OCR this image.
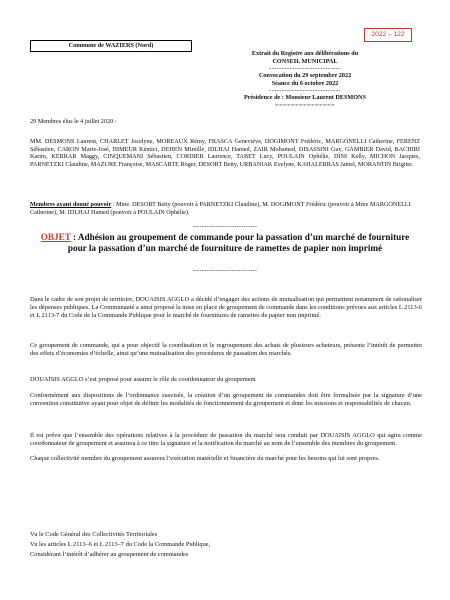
2022 – 122
Commune de WAZIERS (Nord)
Extrait du Registre aux délibérations du
CONSEIL MUNICIPAL
----------------------------
Convocation du 29 septembre 2022
Séance du 6 octobre 2022
----------------------------
Présidence de : Monsieur Laurent DESMONS
===============
29 Membres élus le 4 juillet 2020 :
MM. DESMONS Laurent, CHARLET Jocelyne, MOREAUX Rémy, FRASCA Geneviève, DOGIMONT Frédéric, MARGONELLI Catherine, FERENZ Sébastien, CARON Marie-José, HIMEUR Kémici, DEHEN Mireille, IDLHAJ Hamed, ZAIR Mohamed, DISASSINI Guy, GAMBIER David, BACHIRI Karim, KERRAR Maggy, CINQUEMANI Sébastien, CORDIER Laurence, TABET Lucy, POULAIN Ophélie, DINI Kelly, MICHON Jacques, PARNETZKI Claudine, MAZURE Françoise, MASCARTE Roger, DESORT Betty, URBANIAK Evelyne, KAHALERRAS Jamel, MORANTIN Brigitte.
Membres ayant donné pouvoir : Mme. DESORT Betty (pouvoir à PARNETZKI Claudine), M. DOGIMONT Frédéric (pouvoir à Mme MARGONELLI Catherine), M. IDLHAJ Hamed (pouvoir à POULAIN Ophélie).
----------------------------
OBJET : Adhésion au groupement de commande pour la passation d’un marché de fourniture pour la passation d’un marché de fourniture de ramettes de papier non imprimé
----------------------------
Dans le cadre de son projet de territoire, DOUAISIS AGGLO a décidé d’engager des actions de mutualisation qui permettent notamment de rationaliser les dépenses publiques. La Communauté a ainsi proposé la mise en place de groupement de commande dans les conditions prévues aux articles L 2113-6 et L 2113-7 du Code de la Commande Publique pour le marché de fournitures de ramettes de papier non imprimé.
Ce groupement de commande, qui a pour objectif la coordination et le regroupement des achats de plusieurs acheteurs, présente l’intérêt de permettre des effets d’économies d’échelle, ainsi qu’une mutualisation des procédures de passation des marchés.
DOUAISIS AGGLO s’est proposé pour assurer le rôle de coordonnateur du groupement
Conformément aux dispositions de l’ordonnance susvisée, la création d’un groupement de commandes doit être formalisée par la signature d’une convention constitutive ayant pour objet de définir les modalités de fonctionnement du groupement et donc les missions et responsabilités de chacun.
Il est prévu que l’ensemble des opérations relatives à la procédure de passation du marché sera conduit par DOUAISIS AGGLO qui agira comme coordonnateur de groupement et assurera à ce titre la signature et la notification du marché au nom de l’ensemble des membres du groupement.
Chaque collectivité membre du groupement assurera l’exécution matérielle et financière du marché pour les besoins qui lui sont propres.
Vu le Code Général des Collectivités Territoriales
Vu les articles L 2113–6 et L 2113–7 du Code la Commande Publique,
Considérant l’intérêt d’adhérer au groupement de commandes
